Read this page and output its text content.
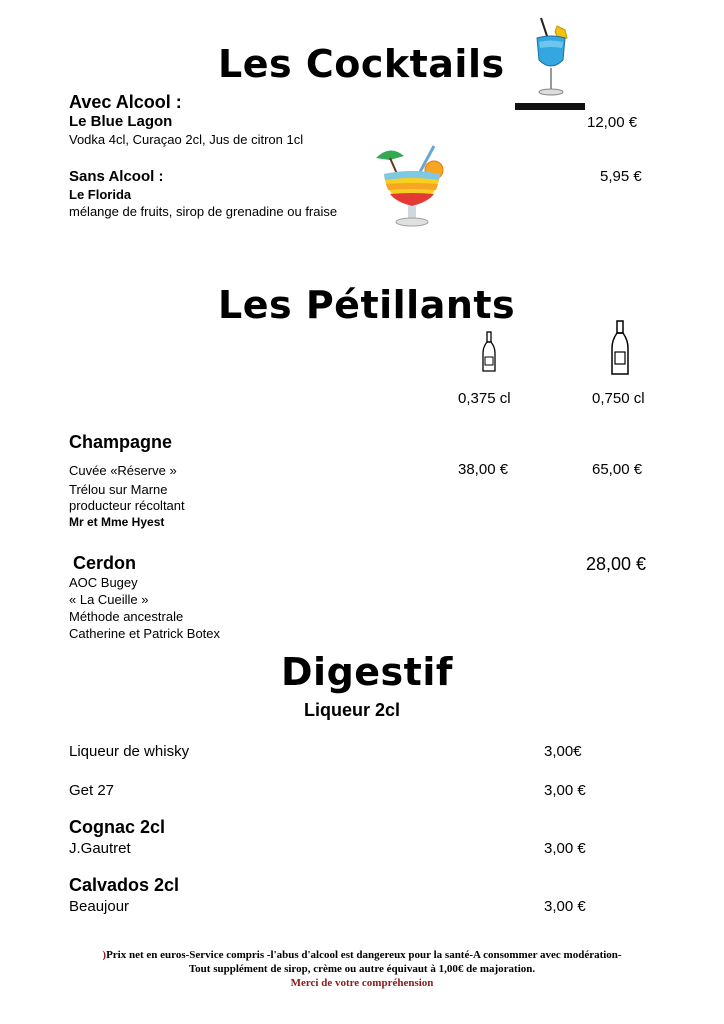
Les Cocktails
Avec Alcool :
Le Blue Lagon	12,00 €
Vodka 4cl, Curaçao 2cl, Jus de citron 1cl
Sans Alcool :
Le Florida
5,95 €
mélange de fruits, sirop de grenadine ou fraise
Les Pétillants
0,375 cl	0,750 cl
Champagne
Cuvée «Réserve »	38,00 €	65,00 €
Trélou sur Marne
producteur récoltant
Mr et Mme Hyest
Cerdon	28,00 €
AOC Bugey
« La Cueille »
Méthode ancestrale
Catherine et Patrick Botex
Digestif
Liqueur 2cl
Liqueur de whisky	3,00€
Get 27	3,00 €
Cognac 2cl
J.Gautret	3,00 €
Calvados 2cl
Beaujour	3,00 €
)Prix net en euros-Service compris -l'abus d'alcool est dangereux pour la santé-A consommer avec modération-
Tout supplément de sirop, crème ou autre équivaut à 1,00€ de majoration.
Merci de votre compréhension
